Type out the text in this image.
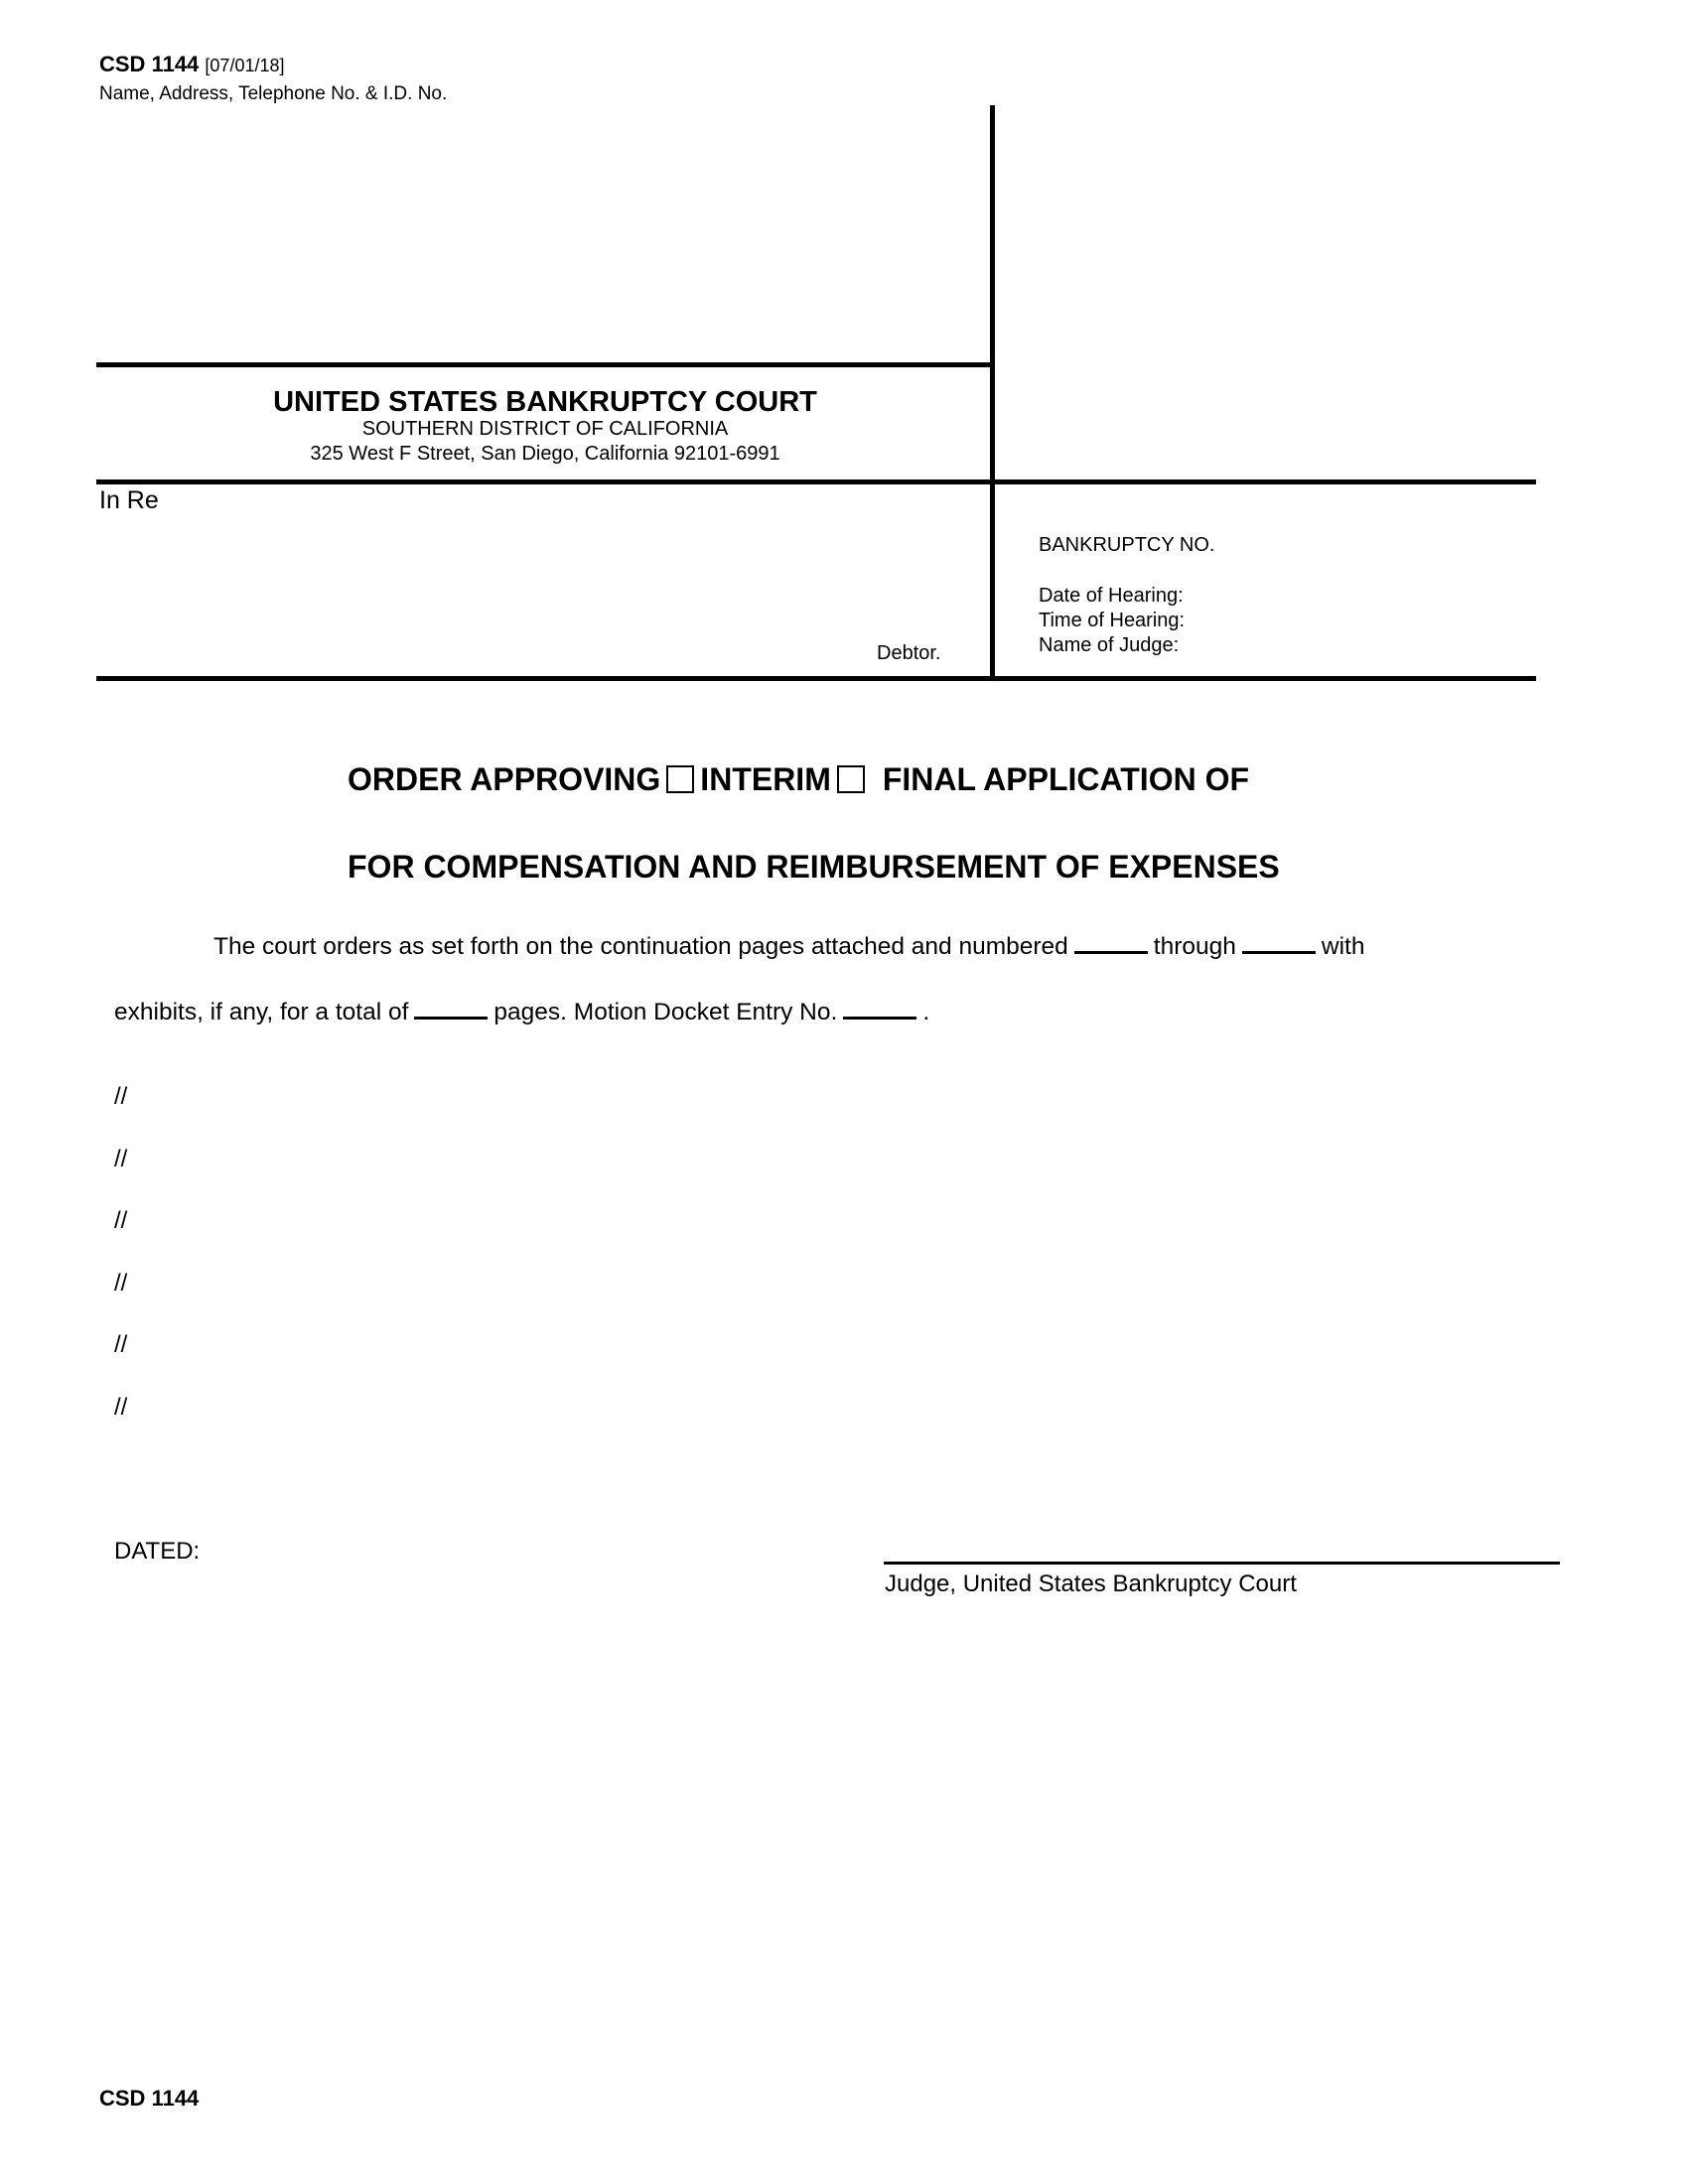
CSD 1144 [07/01/18]
Name, Address, Telephone No. & I.D. No.
UNITED STATES BANKRUPTCY COURT
SOUTHERN DISTRICT OF CALIFORNIA
325 West F Street, San Diego, California 92101-6991
In Re
Debtor.
BANKRUPTCY NO.
Date of Hearing:
Time of Hearing:
Name of Judge:
ORDER APPROVING INTERIM FINAL APPLICATION OF
FOR COMPENSATION AND REIMBURSEMENT OF EXPENSES
The court orders as set forth on the continuation pages attached and numbered	through	with
exhibits, if any, for a total of	pages. Motion Docket Entry No.	.
//
//
//
//
//
//
DATED:
Judge, United States Bankruptcy Court
CSD 1144
